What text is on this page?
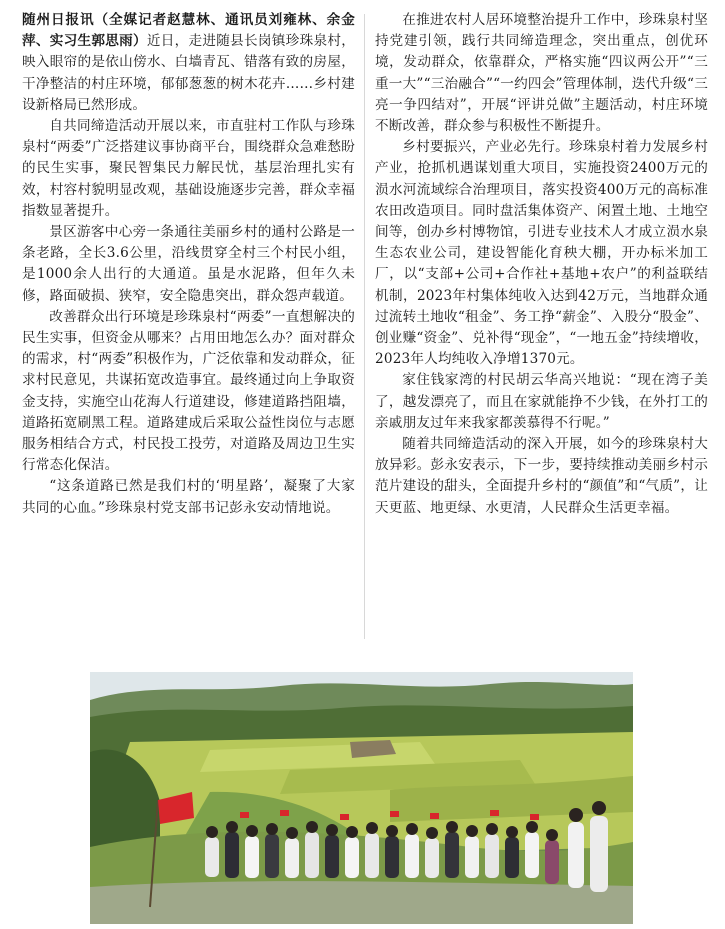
随州日报讯（全媒记者赵慧林、通讯员刘雍林、余金萍、实习生郭思雨）近日，走进随县长岗镇珍珠泉村，映入眼帘的是依山傍水、白墙青瓦、错落有致的房屋，干净整洁的村庄环境，郁郁葱葱的树木花卉……乡村建设新格局已然形成。

自共同缔造活动开展以来，市直驻村工作队与珍珠泉村“两委”广泛搭建议事协商平台，围绕群众急难愁盼的民生实事，聚民智集民力解民忧，基层治理扎实有效，村容村貌明显改观，基础设施逐步完善，群众幸福指数显著提升。

景区游客中心旁一条通往美丽乡村的通村公路是一条老路，全长3.6公里，沿线贯穿全村三个村民小组，是1000余人出行的大通道。虽是水泥路，但年久未修，路面破损、狭窄，安全隐患突出，群众怨声载道。

改善群众出行环境是珍珠泉村“两委”一直想解决的民生实事，但资金从哪来？占用田地怎么办？面对群众的需求，村“两委”积极作为，广泛依靠和发动群众，征求村民意见，共谋拓宽改造事宜。最终通过向上争取资金支持，实施空山花海人行道建设，修建道路挡阻墙，道路拓宽刷黑工程。道路建成后采取公益性岗位与志愿服务相结合方式，村民投工投劳，对道路及周边卫生实行常态化保洁。

“这条道路已然是我们村的‘明星路’，凝聚了大家共同的心血。”珍珠泉村党支部书记彭永安动情地说。

在推进农村人居环境整治提升工作中，珍珠泉村坚持党建引领，践行共同缔造理念，突出重点，创优环境，发动群众，依靠群众，严格实施“四议两公开”“三重一大”“三治融合”“一约四会”管理体制，迭代升级“三亮一争四结对”，开展“评讲兑做”主题活动，村庄环境不断改善，群众参与积极性不断提升。

乡村要振兴，产业必先行。珍珠泉村着力发展乡村产业，抢抓机遇谋划重大项目，实施投资2400万元的涢水河流域综合治理项目，落实投资400万元的高标准农田改造项目。同时盘活集体资产、闲置土地、土地空间等，创办乡村博物馆，引进专业技术人才成立涢水泉生态农业公司，建设智能化育秧大棚，开办标米加工厂，以“支部+公司+合作社+基地+农户”的利益联结机制，2023年村集体纯收入达到42万元，当地群众通过流转土地收“租金”、务工挣“薪金”、入股分“股金”、创业赚“资金”、兑补得“现金”，“一地五金”持续增收，2023年人均纯收入净增1370元。

家住钱家湾的村民胡云华高兴地说：“现在湾子美了，越发漂亮了，而且在家就能挣不少钱，在外打工的亲戚朋友过年来我家都羡慕得不行呢。”

随着共同缔造活动的深入开展，如今的珍珠泉村大放异彩。彭永安表示，下一步，要持续推动美丽乡村示范片建设的甜头，全面提升乡村的“颜值”和“气质”，让天更蓝、地更绿、水更清，人民群众生活更幸福。
